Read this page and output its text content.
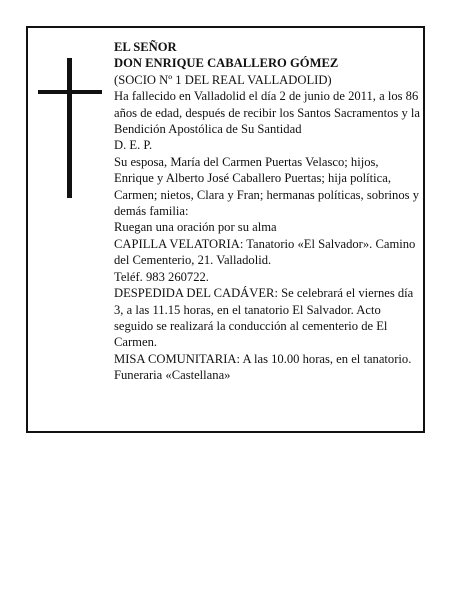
EL SEÑOR

DON ENRIQUE CABALLERO GÓMEZ

(SOCIO Nº 1 DEL REAL VALLADOLID)

Ha fallecido en Valladolid el día 2 de junio de 2011, a los 86 años de edad, después de recibir los Santos Sacramentos y la Bendición Apostólica de Su Santidad

D. E. P.

Su esposa, María del Carmen Puertas Velasco; hijos, Enrique y Alberto José Caballero Puertas; hija política, Carmen; nietos, Clara y Fran; hermanas políticas, sobrinos y demás familia:

Ruegan una oración por su alma

CAPILLA VELATORIA: Tanatorio «El Salvador». Camino del Cementerio, 21. Valladolid.

Teléf. 983 260722.

DESPEDIDA DEL CADÁVER: Se celebrará el viernes día 3, a las 11.15 horas, en el tanatorio El Salvador. Acto seguido se realizará la conducción al cementerio de El Carmen.

MISA COMUNITARIA: A las 10.00 horas, en el tanatorio.

Funeraria «Castellana»
